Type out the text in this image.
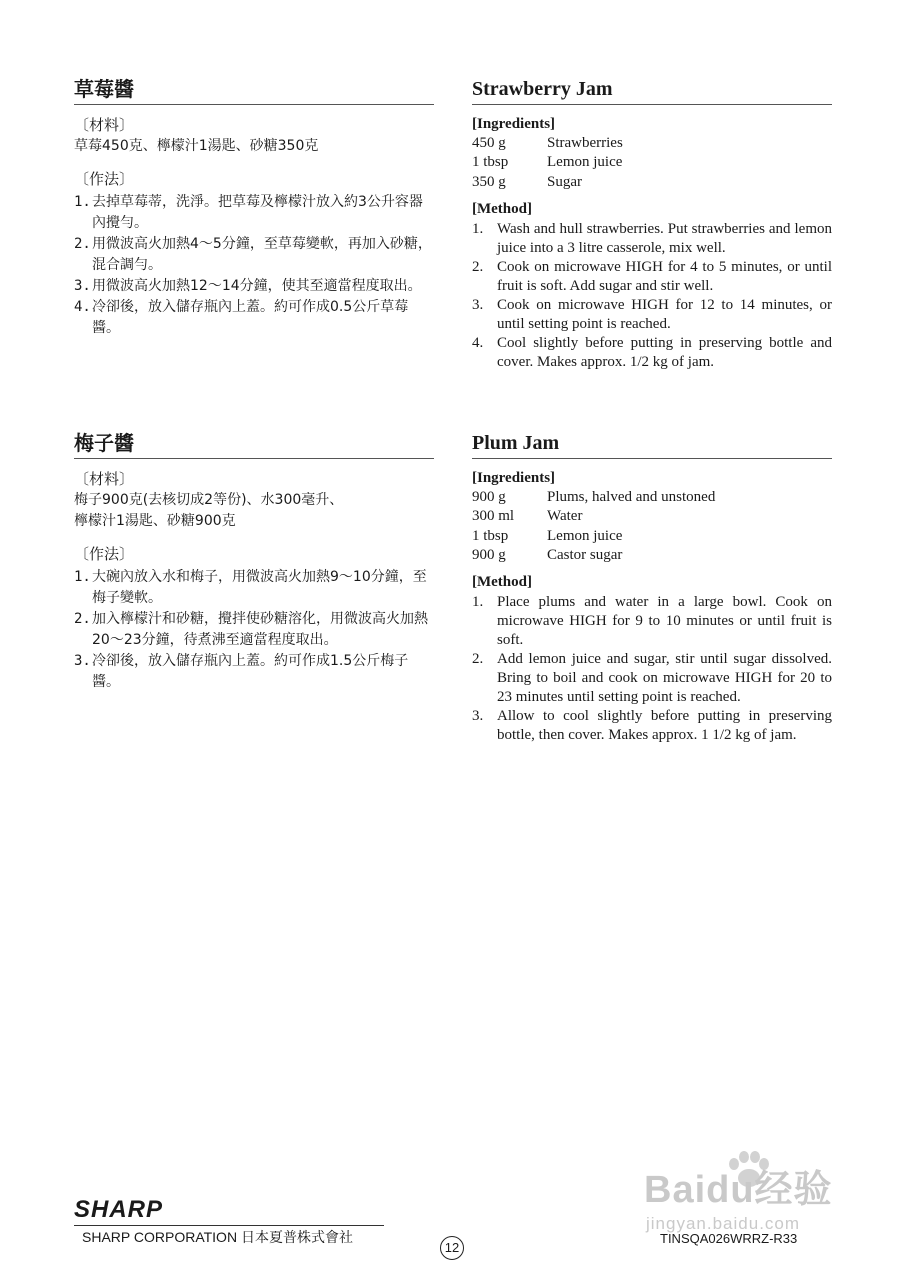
草莓醬
〔材料〕
草莓450克、檸檬汁1湯匙、砂糖350克
〔作法〕
1. 去掉草莓蒂，洗淨。把草莓及檸檬汁放入約3公升容器內攪勻。
2. 用微波高火加熱4～5分鐘，至草莓變軟，再加入砂糖，混合調勻。
3. 用微波高火加熱12～14分鐘，使其至適當程度取出。
4. 冷卻後，放入儲存瓶內上蓋。約可作成0.5公斤草莓醬。
Strawberry Jam
[Ingredients]
450 g	Strawberries
1 tbsp	Lemon juice
350 g	Sugar
[Method]
1. Wash and hull strawberries. Put strawberries and lemon juice into a 3 litre casserole, mix well.
2. Cook on microwave HIGH for 4 to 5 minutes, or until fruit is soft. Add sugar and stir well.
3. Cook on microwave HIGH for 12 to 14 minutes, or until setting point is reached.
4. Cool slightly before putting in preserving bottle and cover. Makes approx. 1/2 kg of jam.
梅子醬
〔材料〕
梅子900克(去核切成2等份)、水300毫升、
檸檬汁1湯匙、砂糖900克
〔作法〕
1. 大碗內放入水和梅子，用微波高火加熱9～10分鐘，至梅子變軟。
2. 加入檸檬汁和砂糖，攪拌使砂糖溶化，用微波高火加熱20～23分鐘，待煮沸至適當程度取出。
3. 冷卻後，放入儲存瓶內上蓋。約可作成1.5公斤梅子醬。
Plum Jam
[Ingredients]
900 g	Plums, halved and unstoned
300 ml	Water
1 tbsp	Lemon juice
900 g	Castor sugar
[Method]
1. Place plums and water in a large bowl. Cook on microwave HIGH for 9 to 10 minutes or until fruit is soft.
2. Add lemon juice and sugar, stir until sugar dissolved. Bring to boil and cook on microwave HIGH for 20 to 23 minutes until setting point is reached.
3. Allow to cool slightly before putting in preserving bottle, then cover. Makes approx. 1 1/2 kg of jam.
Baidu经验
jingyan.baidu.com
SHARP
SHARP CORPORATION 日本夏普株式會社
12
TINSQA026WRRZ-R33
